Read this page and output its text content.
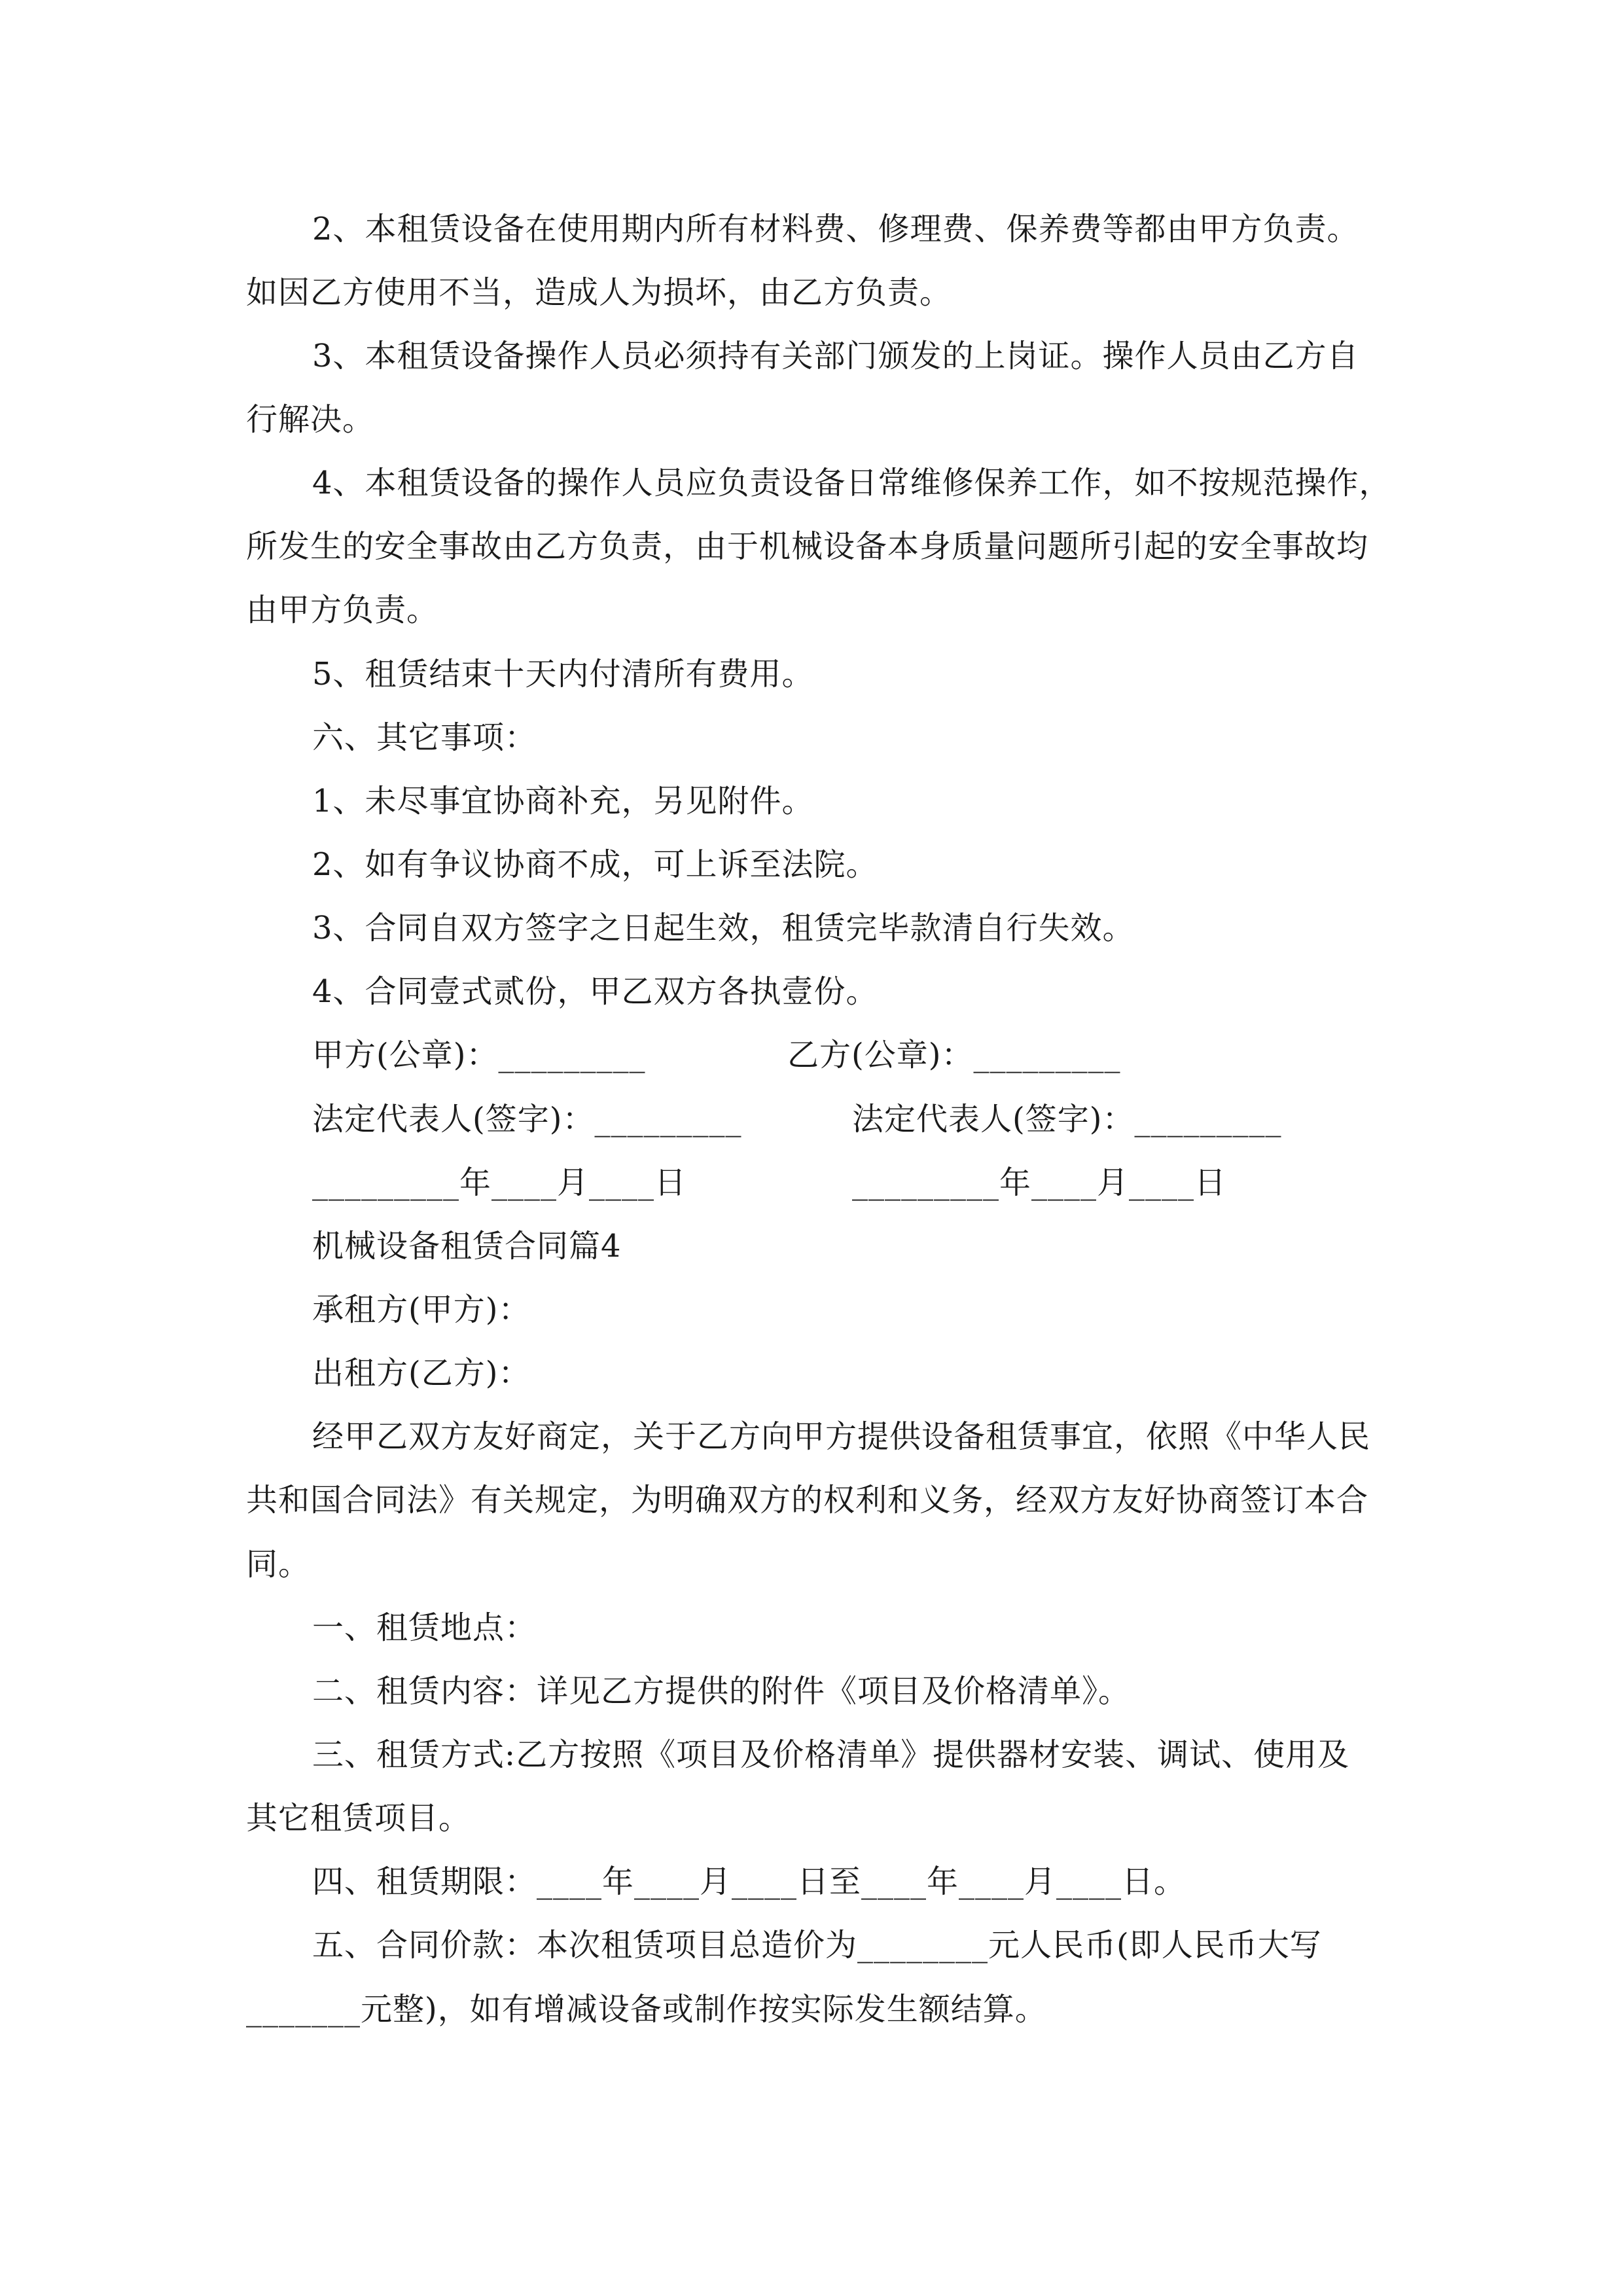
2、本租赁设备在使用期内所有材料费、修理费、保养费等都由甲方负责。

如因乙方使用不当，造成人为损坏，由乙方负责。

3、本租赁设备操作人员必须持有关部门颁发的上岗证。操作人员由乙方自

行解决。

4、本租赁设备的操作人员应负责设备日常维修保养工作，如不按规范操作，

所发生的安全事故由乙方负责，由于机械设备本身质量问题所引起的安全事故均

由甲方负责。

5、租赁结束十天内付清所有费用。

六、其它事项：

1、未尽事宜协商补充，另见附件。

2、如有争议协商不成，可上诉至法院。

3、合同自双方签字之日起生效，租赁完毕款清自行失效。

4、合同壹式贰份，甲乙双方各执壹份。

甲方(公章)：_________	乙方(公章)：_________

法定代表人(签字)：_________	法定代表人(签字)：_________

_________年____月____日	_________年____月____日

机械设备租赁合同篇4

承租方(甲方)：

出租方(乙方)：

经甲乙双方友好商定，关于乙方向甲方提供设备租赁事宜，依照《中华人民

共和国合同法》有关规定，为明确双方的权利和义务，经双方友好协商签订本合

同。

一、租赁地点：

二、租赁内容：详见乙方提供的附件《项目及价格清单》。

三、租赁方式:乙方按照《项目及价格清单》提供器材安装、调试、使用及

其它租赁项目。

四、租赁期限：____年____月____日至____年____月____日。

五、合同价款：本次租赁项目总造价为________元人民币(即人民币大写

_______元整)，如有增减设备或制作按实际发生额结算。
